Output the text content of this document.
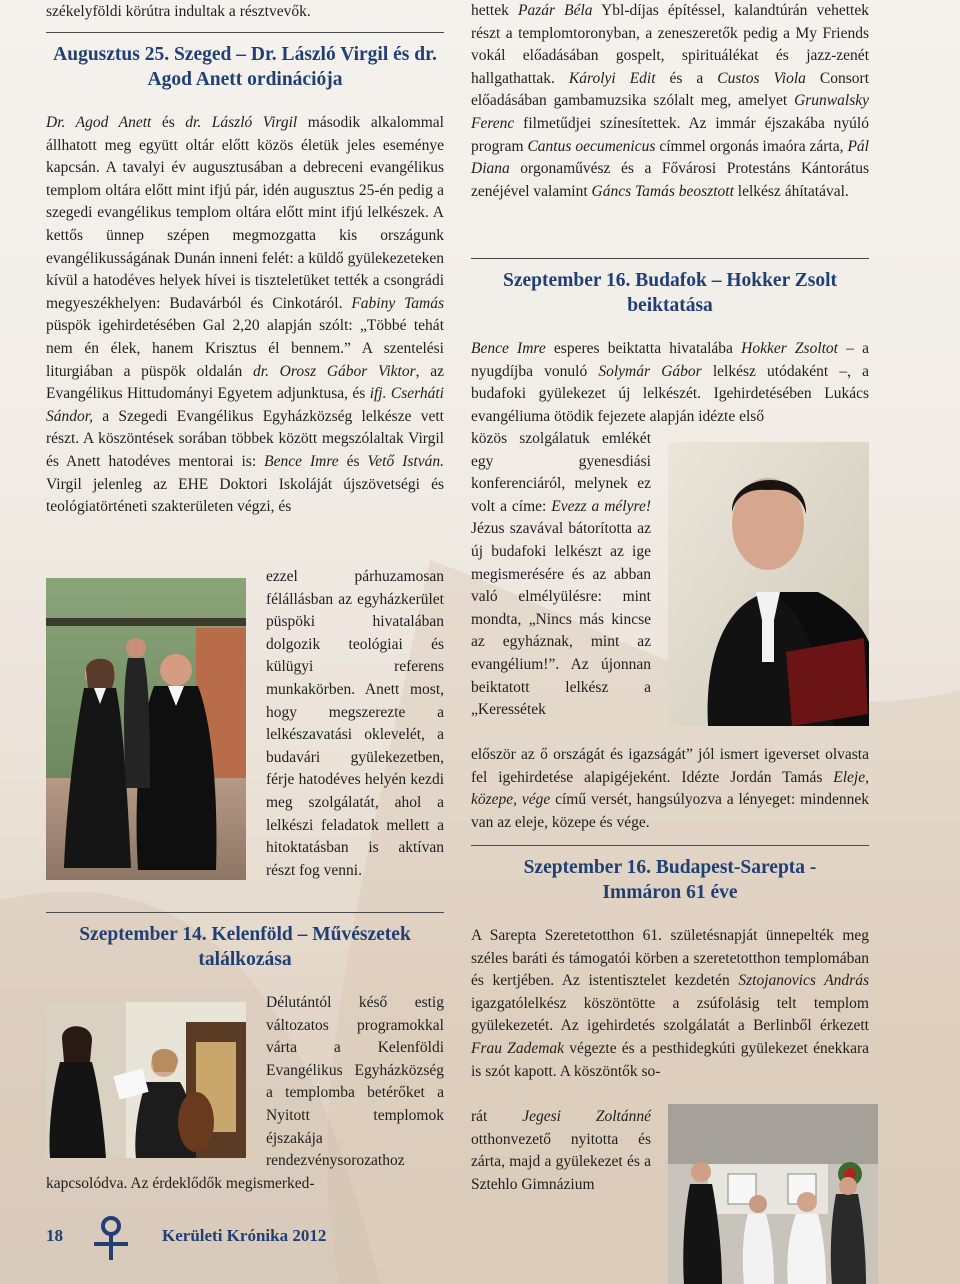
székelyföldi körútra indultak a résztvevők.

Augusztus 25. Szeged – Dr. László Virgil és dr. Agod Anett ordinációja

Dr. Agod Anett és dr. László Virgil második alkalommal állhatott meg együtt oltár előtt közös életük jeles eseménye kapcsán. A tavalyi év augusztusában a debreceni evangélikus templom oltára előtt mint ifjú pár, idén augusztus 25-én pedig a szegedi evangélikus templom oltára előtt mint ifjú lelkészek. A kettős ünnep szépen megmozgatta kis országunk evangélikusságának Dunán inneni felét: a küldő gyülekezeteken kívül a hatodéves helyek hívei is tiszteletüket tették a csongrádi megyeszékhelyen: Budavárból és Cinkotáról. Fabiny Tamás püspök igehirdetésében Gal 2,20 alapján szólt: „Többé tehát nem én élek, hanem Krisztus él bennem.” A szentelési liturgiában a püspök oldalán dr. Orosz Gábor Viktor, az Evangélikus Hittudományi Egyetem adjunktusa, és ifj. Cserháti Sándor, a Szegedi Evangélikus Egyházközség lelkésze vett részt. A köszöntések sorában többek között megszólaltak Virgil és Anett hatodéves mentorai is: Bence Imre és Vető István. Virgil jelenleg az EHE Doktori Iskoláját újszövetségi és teológiatörténeti szakterületen végzi, és

ezzel párhuzamosan félállásban az egyházkerület püspöki hivatalában dolgozik teológiai és külügyi referens munkakörben. Anett most, hogy megszerezte a lelkészavatási oklevelét, a budavári gyülekezetben, férje hatodéves helyén kezdi meg szolgálatát, ahol a lelkészi feladatok mellett a hitoktatásban is aktívan részt fog venni.

Szeptember 14. Kelenföld – Művészetek találkozása

Délutántól késő estig változatos programokkal várta a Kelenföldi Evangélikus Egyházközség a templomba betérőket a Nyitott templomok éjszakája rendezvénysorozathoz kapcsolódva. Az érdeklődők megismerked-

hettek Pazár Béla Ybl-díjas építéssel, kalandtúrán vehettek részt a templomtoronyban, a zeneszeretők pedig a My Friends vokál előadásában gospelt, spirituálékat és jazz-zenét hallgathattak. Károlyi Edit és a Custos Viola Consort előadásában gambamuzsika szólalt meg, amelyet Grunwalsky Ferenc filmetűdjei színesítettek. Az immár éjszakába nyúló program Cantus oecumenicus címmel orgonás imaóra zárta, Pál Diana orgonaművész és a Fővárosi Protestáns Kántorátus zenéjével valamint Gáncs Tamás beosztott lelkész áhítatával.

Szeptember 16. Budafok – Hokker Zsolt beiktatása

Bence Imre esperes beiktatta hivatalába Hokker Zsoltot – a nyugdíjba vonuló Solymár Gábor lelkész utódaként –, a budafoki gyülekezet új lelkészét. Igehirdetésében Lukács evangéliuma ötödik fejezete alapján idézte első

közös szolgálatuk emlékét egy gyenesdiási konferenciáról, melynek ez volt a címe: Evezz a mélyre! Jézus szavával bátorította az új budafoki lelkészt az ige megismerésére és az abban való elmélyülésre: mint mondta, „Nincs más kincse az egyháznak, mint az evangélium!”. Az újonnan beiktatott lelkész a „Keressétek

először az ő országát és igazságát” jól ismert igeverset olvasta fel igehirdetése alapigéjeként. Idézte Jordán Tamás Eleje, közepe, vége című versét, hangsúlyozva a lényeget: mindennek van az eleje, közepe és vége.

Szeptember 16. Budapest-Sarepta - Immáron 61 éve

A Sarepta Szeretetotthon 61. születésnapját ünnepelték meg széles baráti és támogatói körben a szeretetotthon templomában és kertjében. Az istentisztelet kezdetén Sztojanovics András igazgatólelkész köszöntötte a zsúfolásig telt templom gyülekezetét. Az igehirdetés szolgálatát a Berlinből érkezett Frau Zademak végezte és a pesthidegkúti gyülekezet énekkara is szót kapott. A köszöntők so-

rát Jegesi Zoltánné otthonvezető nyitotta és zárta, majd a gyülekezet és a Sztehlo Gimnázium

18	Kerületi Krónika 2012
